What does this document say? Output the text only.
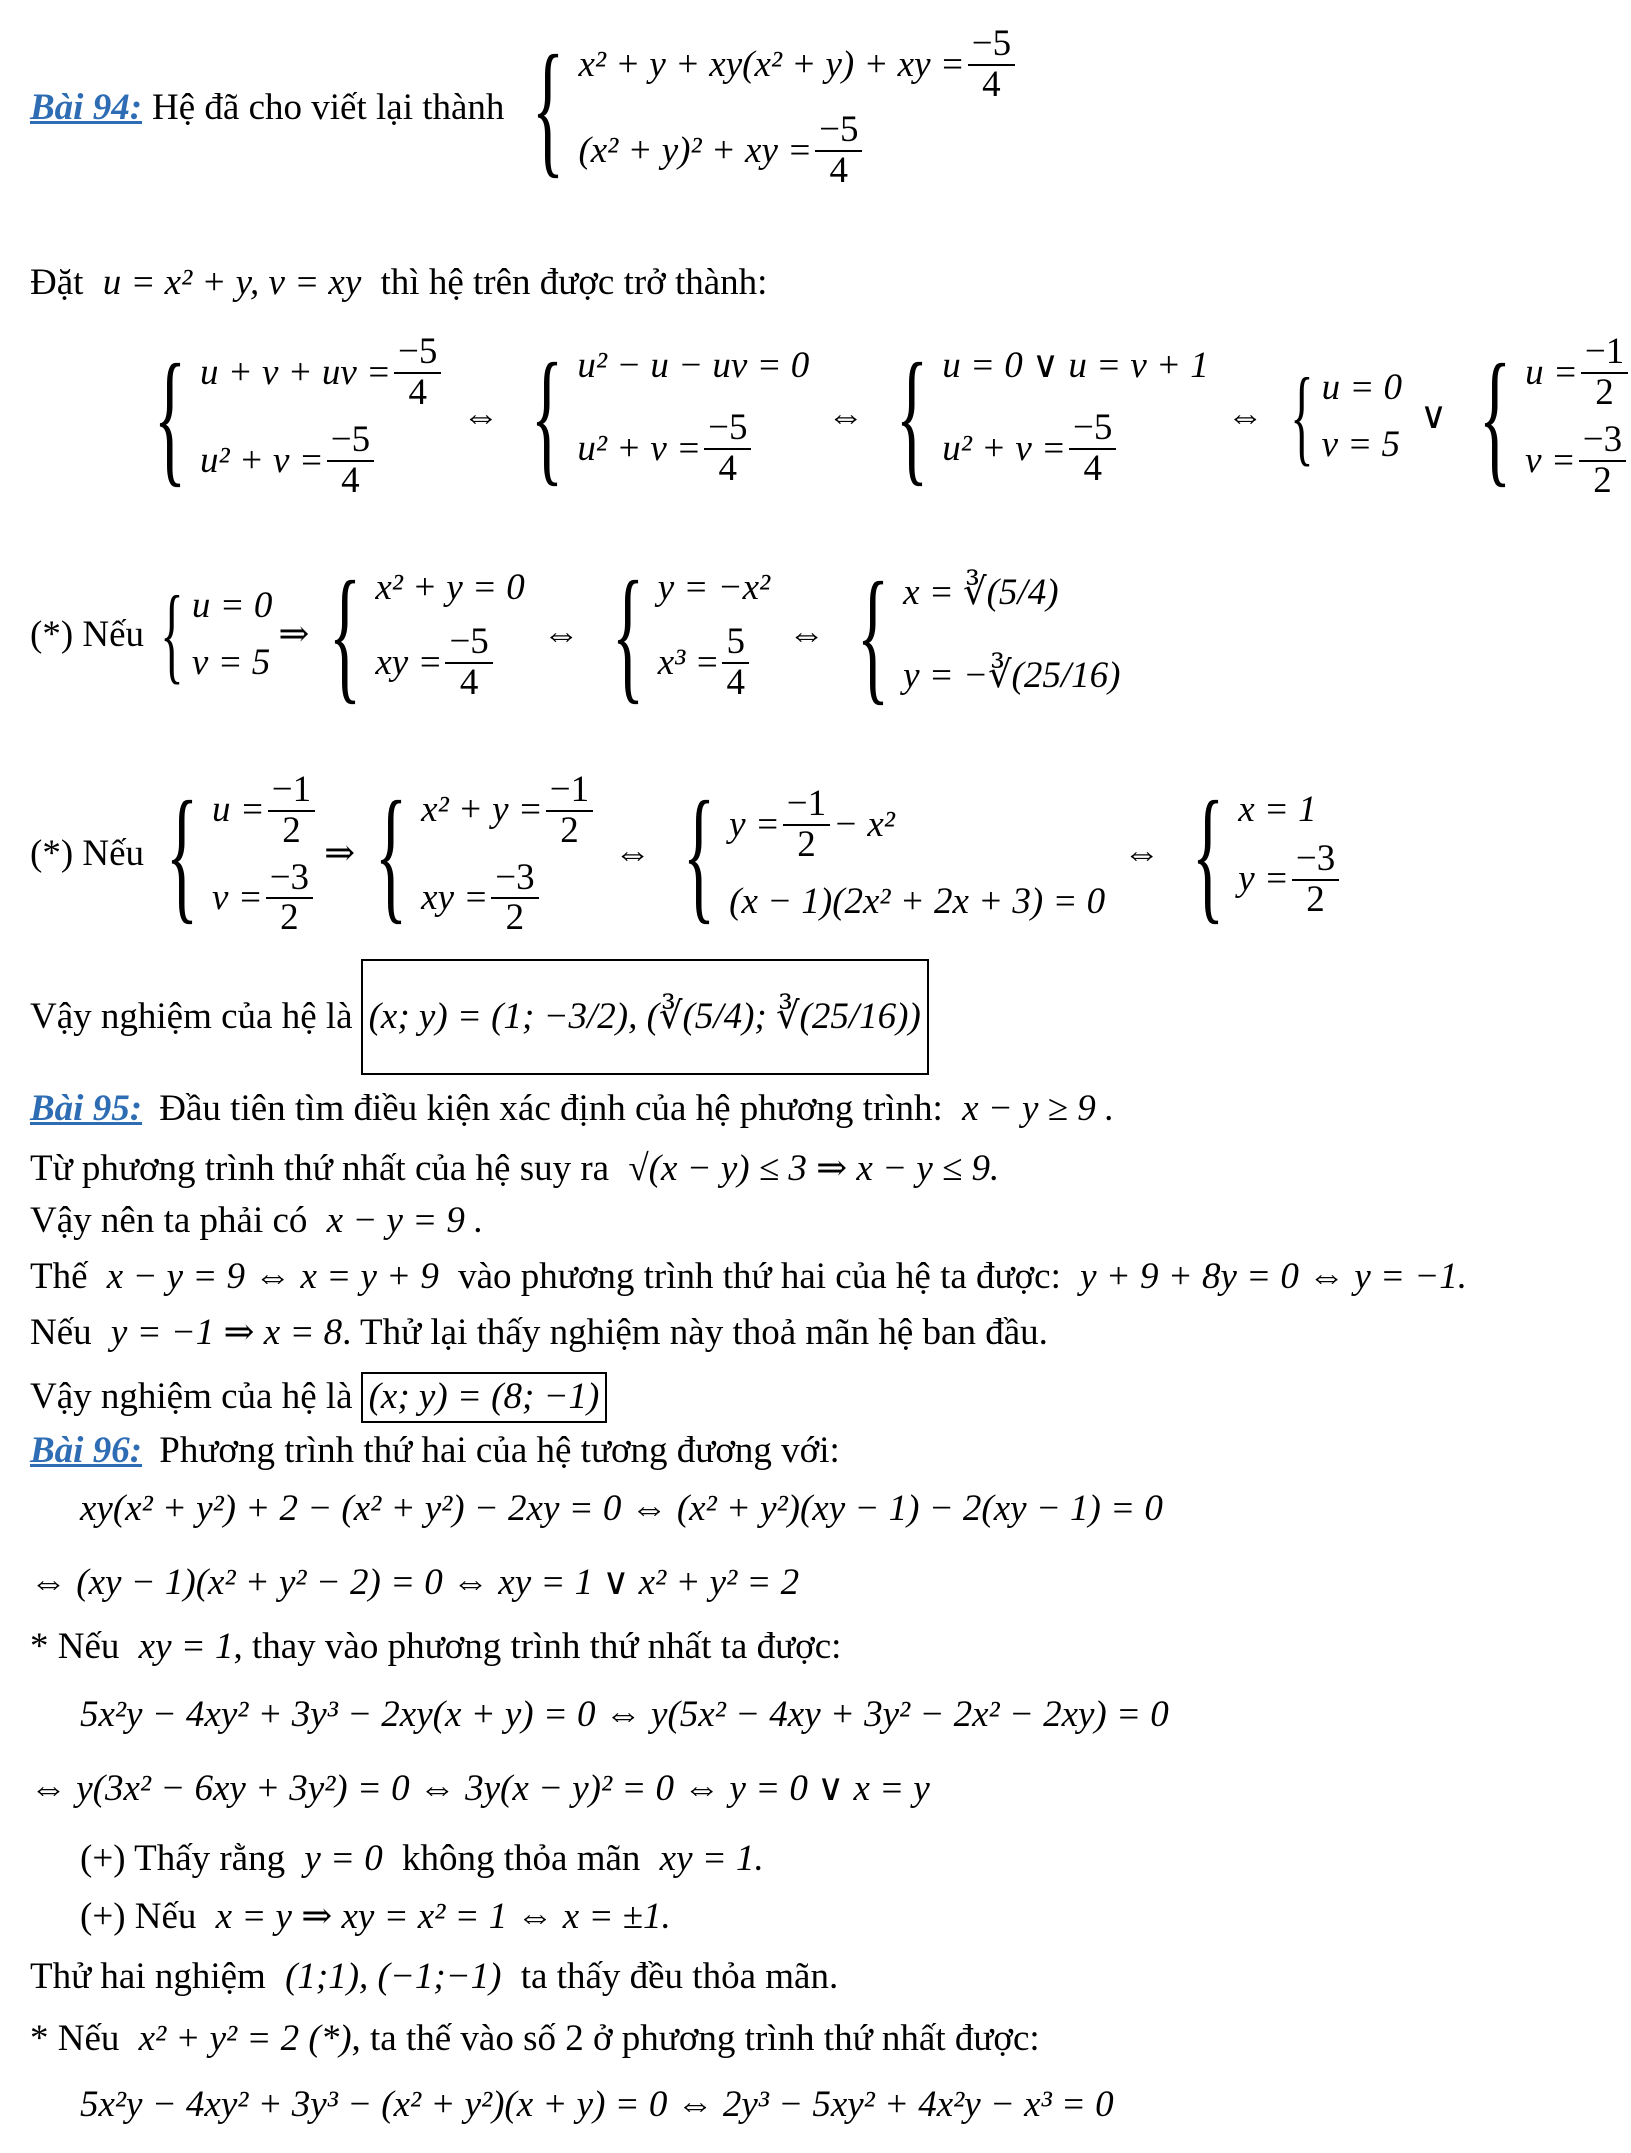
Bài 94: Hệ đã cho viết lại thành { x² + y + xy(x² + y) + xy = $\frac{-5}{4}$
(x² + y)² + xy = $\frac{-5}{4}$
Đặt u = x² + y, v = xy thì hệ trên được trở thành:
{ u + v + uv = $\frac{-5}{4}$
$u^2 + v = \frac{-5}{4}$
⇔ { u² − u − uv = 0
$u^2 + v = \frac{-5}{4}$ ⇔ { u = 0 ∨ u = v + 1
$u^2 + v = \frac{-5}{4}$	⇔ { u = 0
v = 5
∨ { $u = \frac{-1}{2}$
$v = \frac{-3}{2}$
(*) Nếu { u = 0
v = 5
⇒ { x² + y = 0
xy = $\frac{-5}{4}$ ⇔ { y = −x²
$x^3 = \frac{5}{4}$ ⇔ { x = ∛(5/4)
y = −∛(25/16)
(*) Nếu { $u = \frac{-1}{2}$
$v = \frac{-3}{2}$
⇒ { $x^2 + y = \frac{-1}{2}$
xy = $\frac{-3}{2}$
⇔ { $y = \frac{-1}{2} - x^2$
(x − 1)(2x² + 2x + 3) = 0
⇔ { x = 1
$y = \frac{-3}{2}$
Vậy nghiệm của hệ là (x; y) = (1; −3/2), (∛(5/4); ∛(25/16))
Bài 95: Đầu tiên tìm điều kiện xác định của hệ phương trình: x − y ≥ 9 .
Từ phương trình thứ nhất của hệ suy ra √(x − y) ≤ 3 ⇒ x − y ≤ 9.
Vậy nên ta phải có x − y = 9 .
Thế x − y = 9 ⇔ x = y + 9 vào phương trình thứ hai của hệ ta được: y + 9 + 8y = 0 ⇔ y = −1.
Nếu y = −1 ⇒ x = 8. Thử lại thấy nghiệm này thoả mãn hệ ban đầu.
Vậy nghiệm của hệ là (x; y) = (8; −1)
Bài 96: Phương trình thứ hai của hệ tương đương với:
xy(x² + y²) + 2 − (x² + y²) − 2xy = 0 ⇔ (x² + y²)(xy − 1) − 2(xy − 1) = 0
⇔ (xy − 1)(x² + y² − 2) = 0 ⇔ xy = 1 ∨ x² + y² = 2
* Nếu xy = 1, thay vào phương trình thứ nhất ta được:
5x²y − 4xy² + 3y³ − 2xy(x + y) = 0 ⇔ y(5x² − 4xy + 3y² − 2x² − 2xy) = 0
⇔ y(3x² − 6xy + 3y²) = 0 ⇔ 3y(x − y)² = 0 ⇔ y = 0 ∨ x = y
(+) Thấy rằng y = 0 không thỏa mãn xy = 1.
(+) Nếu x = y ⇒ xy = x² = 1 ⇔ x = ±1.
Thử hai nghiệm (1;1), (−1;−1) ta thấy đều thỏa mãn.
* Nếu x² + y² = 2 (*), ta thế vào số 2 ở phương trình thứ nhất được:
5x²y − 4xy² + 3y³ − (x² + y²)(x + y) = 0 ⇔ 2y³ − 5xy² + 4x²y − x³ = 0
